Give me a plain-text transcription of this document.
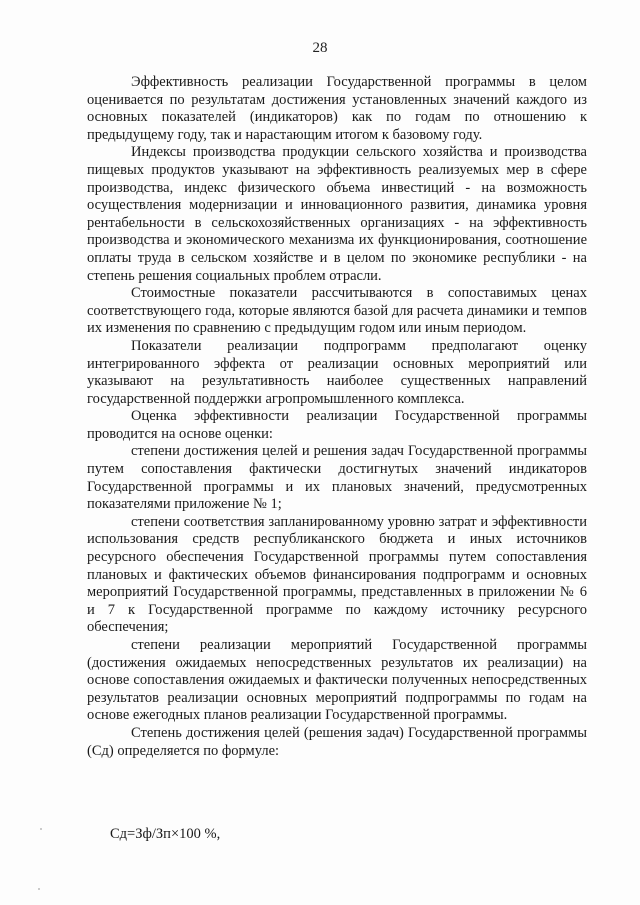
28

Эффективность реализации Государственной программы в целом оценивается по результатам достижения установленных значений каждого из основных показателей (индикаторов) как по годам по отношению к предыдущему году, так и нарастающим итогом к базовому году.

Индексы производства продукции сельского хозяйства и производства пищевых продуктов указывают на эффективность реализуемых мер в сфере производства, индекс физического объема инвестиций - на возможность осуществления модернизации и инновационного развития, динамика уровня рентабельности в сельскохозяйственных организациях - на эффективность производства и экономического механизма их функционирования, соотношение оплаты труда в сельском хозяйстве и в целом по экономике республики - на степень решения социальных проблем отрасли.

Стоимостные показатели рассчитываются в сопоставимых ценах соответствующего года, которые являются базой для расчета динамики и темпов их изменения по сравнению с предыдущим годом или иным периодом.

Показатели реализации подпрограмм предполагают оценку интегрированного эффекта от реализации основных мероприятий или указывают на результативность наиболее существенных направлений государственной поддержки агропромышленного комплекса.

Оценка эффективности реализации Государственной программы проводится на основе оценки:

степени достижения целей и решения задач Государственной программы путем сопоставления фактически достигнутых значений индикаторов Государственной программы и их плановых значений, предусмотренных показателями приложение № 1;

степени соответствия запланированному уровню затрат и эффективности использования средств республиканского бюджета и иных источников ресурсного обеспечения Государственной программы путем сопоставления плановых и фактических объемов финансирования подпрограмм и основных мероприятий Государственной программы, представленных в приложении № 6 и 7 к Государственной программе по каждому источнику ресурсного обеспечения;

степени реализации мероприятий Государственной программы (достижения ожидаемых непосредственных результатов их реализации) на основе сопоставления ожидаемых и фактически полученных непосредственных результатов реализации основных мероприятий подпрограммы по годам на основе ежегодных планов реализации Государственной программы.

Степень достижения целей (решения задач) Государственной программы (Сд) определяется по формуле:

Сд=Зф/Зп×100 %,
